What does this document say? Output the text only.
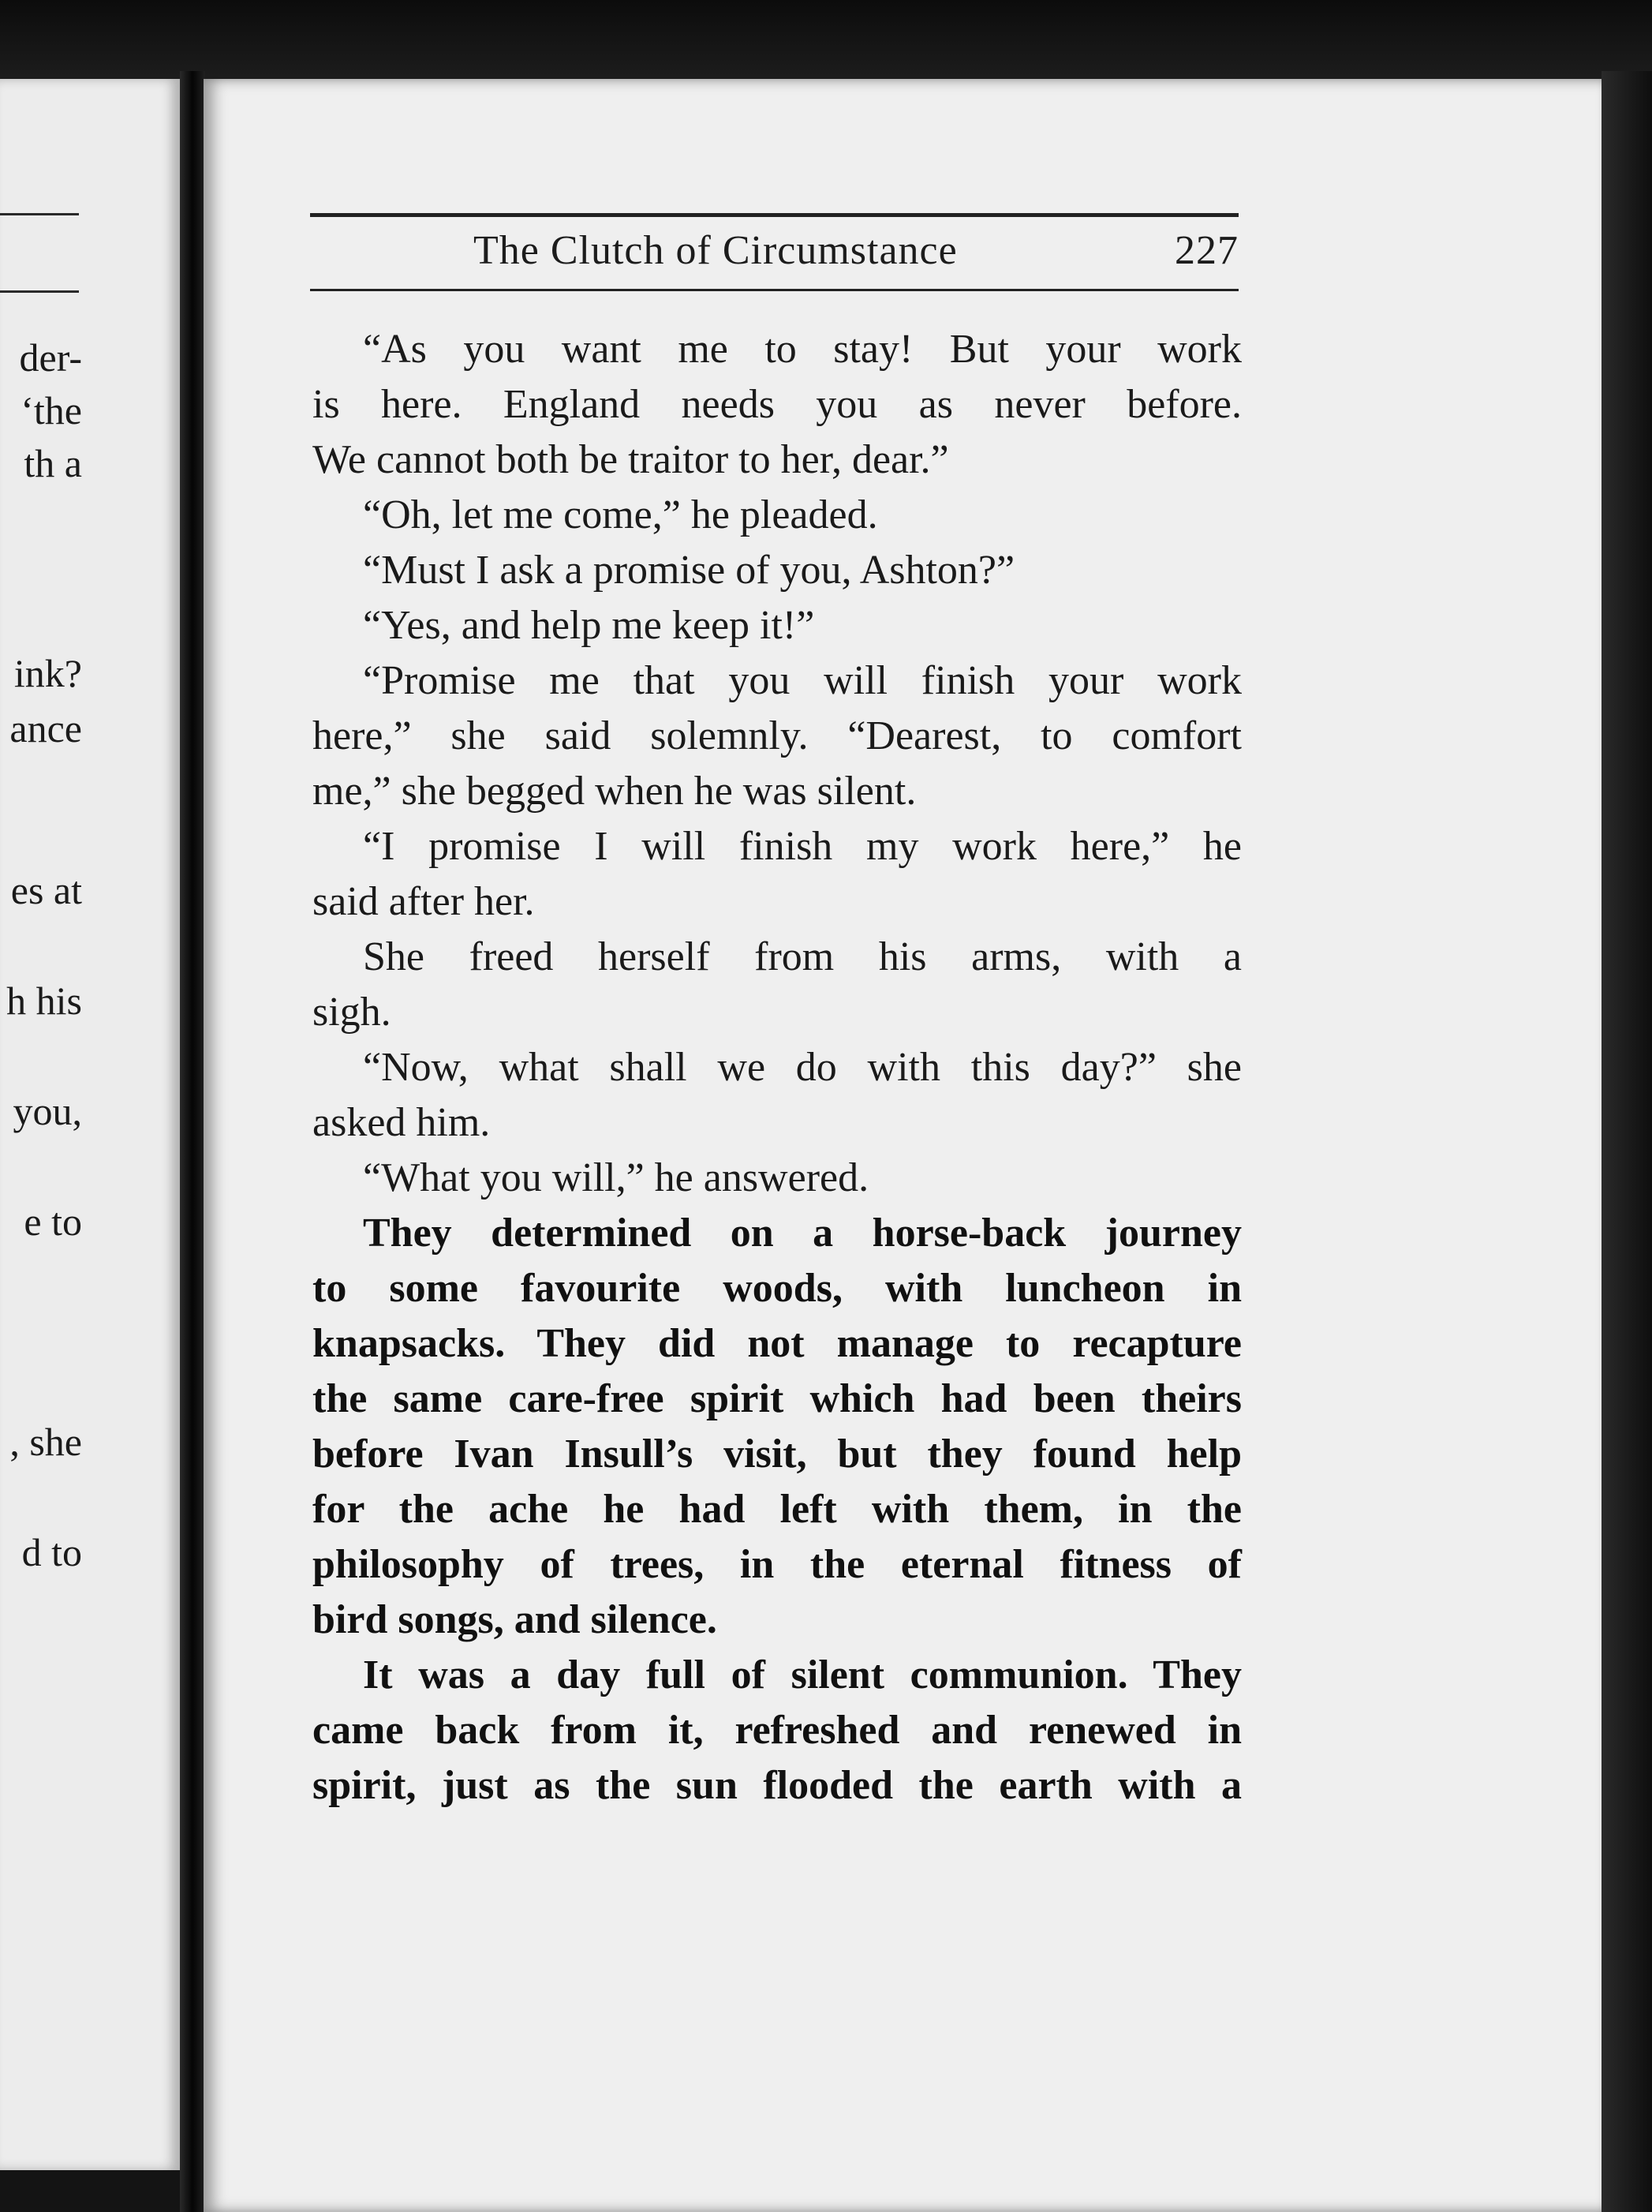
der-
‘the
th a
ink?
ance
es at
h his
you,
e to
, she
d to
The Clutch of Circumstance	227
“As you want me to stay! But your work
is here. England needs you as never before.
We cannot both be traitor to her, dear.”
“Oh, let me come,” he pleaded.
“Must I ask a promise of you, Ashton?”
“Yes, and help me keep it!”
“Promise me that you will finish your work
here,” she said solemnly. “Dearest, to comfort
me,” she begged when he was silent.
“I promise I will finish my work here,” he
said after her.
She freed herself from his arms, with a
sigh.
“Now, what shall we do with this day?” she
asked him.
“What you will,” he answered.
They determined on a horse-back journey
to some favourite woods, with luncheon in
knapsacks. They did not manage to recapture
the same care-free spirit which had been theirs
before Ivan Insull’s visit, but they found help
for the ache he had left with them, in the
philosophy of trees, in the eternal fitness of
bird songs, and silence.
It was a day full of silent communion. They
came back from it, refreshed and renewed in
spirit, just as the sun flooded the earth with a
